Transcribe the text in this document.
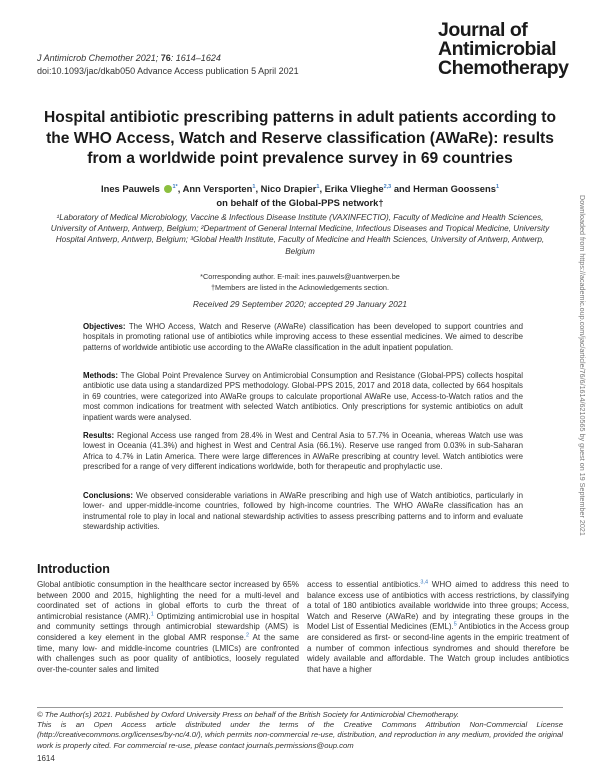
J Antimicrob Chemother 2021; 76: 1614–1624
doi:10.1093/jac/dkab050 Advance Access publication 5 April 2021
Journal of
Antimicrobial
Chemotherapy
Downloaded from https://academic.oup.com/jac/article/76/6/1614/6210565 by guest on 19 September 2021
Hospital antibiotic prescribing patterns in adult patients according to the WHO Access, Watch and Reserve classification (AWaRe): results from a worldwide point prevalence survey in 69 countries
Ines Pauwels $^{1*}$, Ann Versporten$^1$, Nico Drapier$^1$, Erika Vlieghe$^{2,3}$ and Herman Goossens$^1$
on behalf of the Global-PPS network†
¹Laboratory of Medical Microbiology, Vaccine & Infectious Disease Institute (VAXINFECTIO), Faculty of Medicine and Health Sciences, University of Antwerp, Antwerp, Belgium; ²Department of General Internal Medicine, Infectious Diseases and Tropical Medicine, University Hospital Antwerp, Antwerp, Belgium; ³Global Health Institute, Faculty of Medicine and Health Sciences, University of Antwerp, Antwerp, Belgium
*Corresponding author. E-mail: ines.pauwels@uantwerpen.be
†Members are listed in the Acknowledgements section.
Received 29 September 2020; accepted 29 January 2021
Objectives: The WHO Access, Watch and Reserve (AWaRe) classification has been developed to support countries and hospitals in promoting rational use of antibiotics while improving access to these essential medicines. We aimed to describe patterns of worldwide antibiotic use according to the AWaRe classification in the adult inpatient population.
Methods: The Global Point Prevalence Survey on Antimicrobial Consumption and Resistance (Global-PPS) collects hospital antibiotic use data using a standardized PPS methodology. Global-PPS 2015, 2017 and 2018 data, collected by 664 hospitals in 69 countries, were categorized into AWaRe groups to calculate proportional AWaRe use, Access-to-Watch ratios and the most common indications for treatment with selected Watch antibiotics. Only prescriptions for systemic antibiotics on adult inpatient wards were analysed.
Results: Regional Access use ranged from 28.4% in West and Central Asia to 57.7% in Oceania, whereas Watch use was lowest in Oceania (41.3%) and highest in West and Central Asia (66.1%). Reserve use ranged from 0.03% in sub-Saharan Africa to 4.7% in Latin America. There were large differences in AWaRe prescribing at country level. Watch antibiotics were prescribed for a range of very different indications worldwide, both for therapeutic and prophylactic use.
Conclusions: We observed considerable variations in AWaRe prescribing and high use of Watch antibiotics, particularly in lower- and upper-middle-income countries, followed by high-income countries. The WHO AWaRe classification has an instrumental role to play in local and national stewardship activities to assess prescribing patterns and to inform and evaluate stewardship activities.
Introduction
Global antibiotic consumption in the healthcare sector increased by 65% between 2000 and 2015, highlighting the need for a multi-level and coordinated set of actions in global efforts to curb the threat of antimicrobial resistance (AMR).$^1$ Optimizing antimicrobial use in hospital and community settings through antimicrobial stewardship (AMS) is considered a key element in the global AMR response.$^2$ At the same time, many low- and middle-income countries (LMICs) are confronted with challenges such as poor quality of antibiotics, loosely regulated over-the-counter sales and limited
access to essential antibiotics.$^{3,4}$ WHO aimed to address this need to balance excess use of antibiotics with access restrictions, by classifying a total of 180 antibiotics available worldwide into three groups; Access, Watch and Reserve (AWaRe) and by integrating these groups in the Model List of Essential Medicines (EML).$^5$ Antibiotics in the Access group are considered as first- or second-line agents in the empiric treatment of a number of common infectious syndromes and should therefore be widely available and affordable. The Watch group includes antibiotics that have a higher
© The Author(s) 2021. Published by Oxford University Press on behalf of the British Society for Antimicrobial Chemotherapy.
This is an Open Access article distributed under the terms of the Creative Commons Attribution Non-Commercial License (http://creativecommons.org/licenses/by-nc/4.0/), which permits non-commercial re-use, distribution, and reproduction in any medium, provided the original work is properly cited. For commercial re-use, please contact journals.permissions@oup.com
1614
